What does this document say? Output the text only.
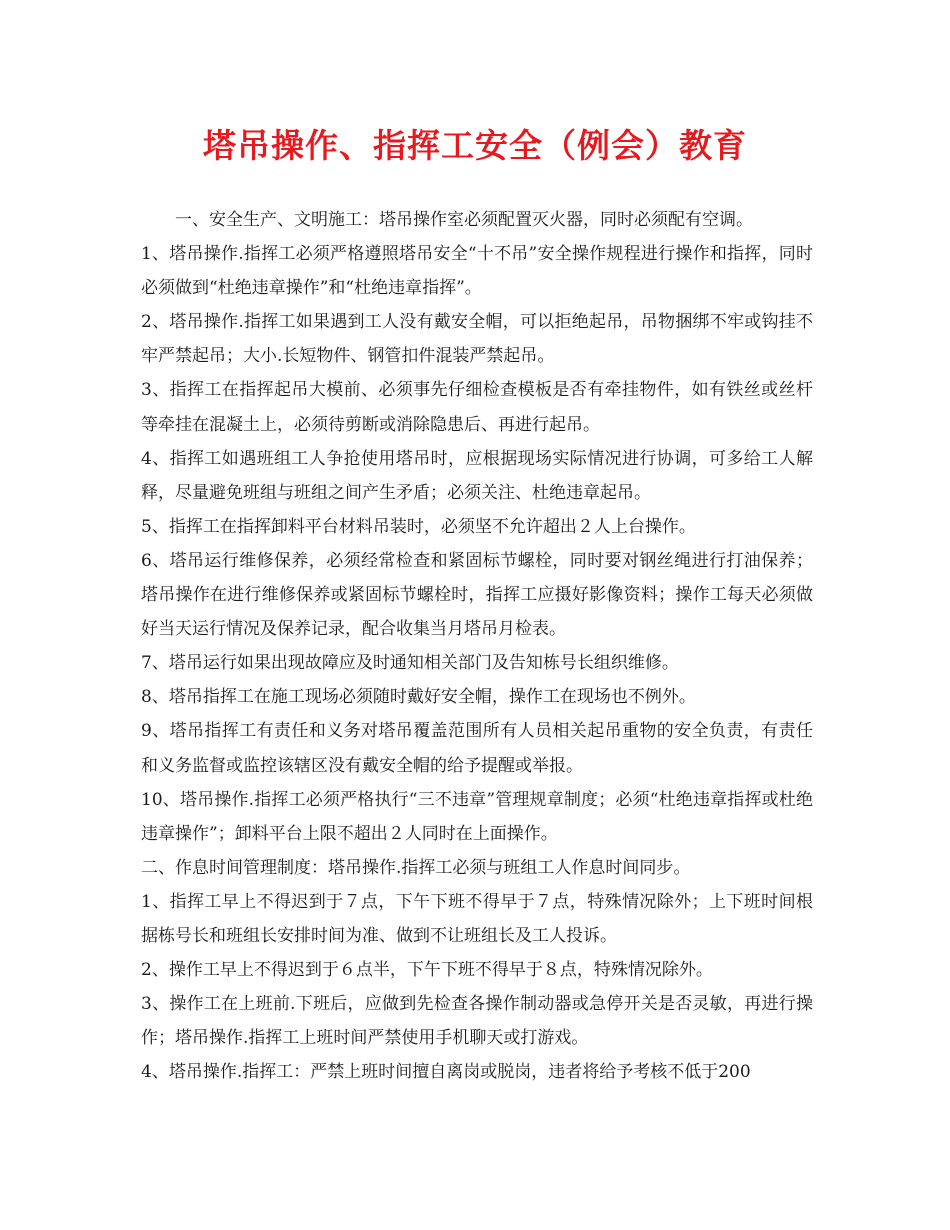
塔吊操作、指挥工安全（例会）教育

一、安全生产、文明施工：塔吊操作室必须配置灭火器，同时必须配有空调。

1、塔吊操作.指挥工必须严格遵照塔吊安全“十不吊”安全操作规程进行操作和指挥，同时必须做到“杜绝违章操作”和“杜绝违章指挥”。

2、塔吊操作.指挥工如果遇到工人没有戴安全帽，可以拒绝起吊，吊物捆绑不牢或钩挂不牢严禁起吊；大小.长短物件、钢管扣件混装严禁起吊。

3、指挥工在指挥起吊大模前、必须事先仔细检查模板是否有牵挂物件，如有铁丝或丝杆等牵挂在混凝土上，必须待剪断或消除隐患后、再进行起吊。

4、指挥工如遇班组工人争抢使用塔吊时，应根据现场实际情况进行协调，可多给工人解释，尽量避免班组与班组之间产生矛盾；必须关注、杜绝违章起吊。

5、指挥工在指挥卸料平台材料吊装时，必须坚不允许超出２人上台操作。

6、塔吊运行维修保养，必须经常检查和紧固标节螺栓，同时要对钢丝绳进行打油保养；塔吊操作在进行维修保养或紧固标节螺栓时，指挥工应摄好影像资料；操作工每天必须做好当天运行情况及保养记录，配合收集当月塔吊月检表。

7、塔吊运行如果出现故障应及时通知相关部门及告知栋号长组织维修。

8、塔吊指挥工在施工现场必须随时戴好安全帽，操作工在现场也不例外。

9、塔吊指挥工有责任和义务对塔吊覆盖范围所有人员相关起吊重物的安全负责，有责任和义务监督或监控该辖区没有戴安全帽的给予提醒或举报。

10、塔吊操作.指挥工必须严格执行“三不违章”管理规章制度；必须“杜绝违章指挥或杜绝违章操作”；卸料平台上限不超出２人同时在上面操作。

二、作息时间管理制度：塔吊操作.指挥工必须与班组工人作息时间同步。

1、指挥工早上不得迟到于７点，下午下班不得早于７点，特殊情况除外；上下班时间根据栋号长和班组长安排时间为准、做到不让班组长及工人投诉。

2、操作工早上不得迟到于６点半，下午下班不得早于８点，特殊情况除外。

3、操作工在上班前.下班后，应做到先检查各操作制动器或急停开关是否灵敏，再进行操作；塔吊操作.指挥工上班时间严禁使用手机聊天或打游戏。

4、塔吊操作.指挥工：严禁上班时间擅自离岗或脱岗，违者将给予考核不低于200
